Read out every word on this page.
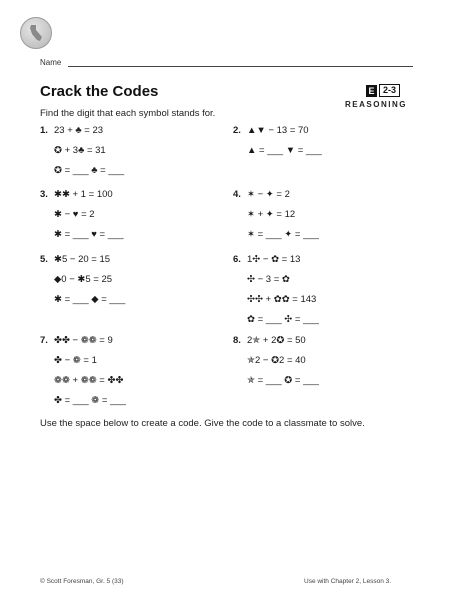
Name
Crack the Codes	E 2-3
REASONING
Find the digit that each symbol stands for.
1. 23 + ♣ = 23
✪ + 3♣ = 31
✪ = ___ ♣ = ___
2. ▲▼ − 13 = 70
▲ = ___ ▼ = ___
3. ✱✱ + 1 = 100
✱ − ♥ = 2
✱ = ___ ♥ = ___
4. ✶ − ✦ = 2
✶ + ✦ = 12
✶ = ___ ✦ = ___
5. ✱5 − 20 = 15
◆0 − ✱5 = 25
✱ = ___ ◆ = ___
6. 1✣ − ✿ = 13
✣ − 3 = ✿
✣✣ + ✿✿ = 143
✿ = ___ ✣ = ___
7. ✤✤ − ❁❁ = 9
✤ − ❁ = 1
❁❁ + ❁❁ = ✤✤
✤ = ___ ❁ = ___
8. 2✯ + 2✪ = 50
✯2 − ✪2 = 40
✯ = ___ ✪ = ___
Use the space below to create a code. Give the code to a classmate to solve.
© Scott Foresman, Gr. 5 (33)	Use with Chapter 2, Lesson 3.
